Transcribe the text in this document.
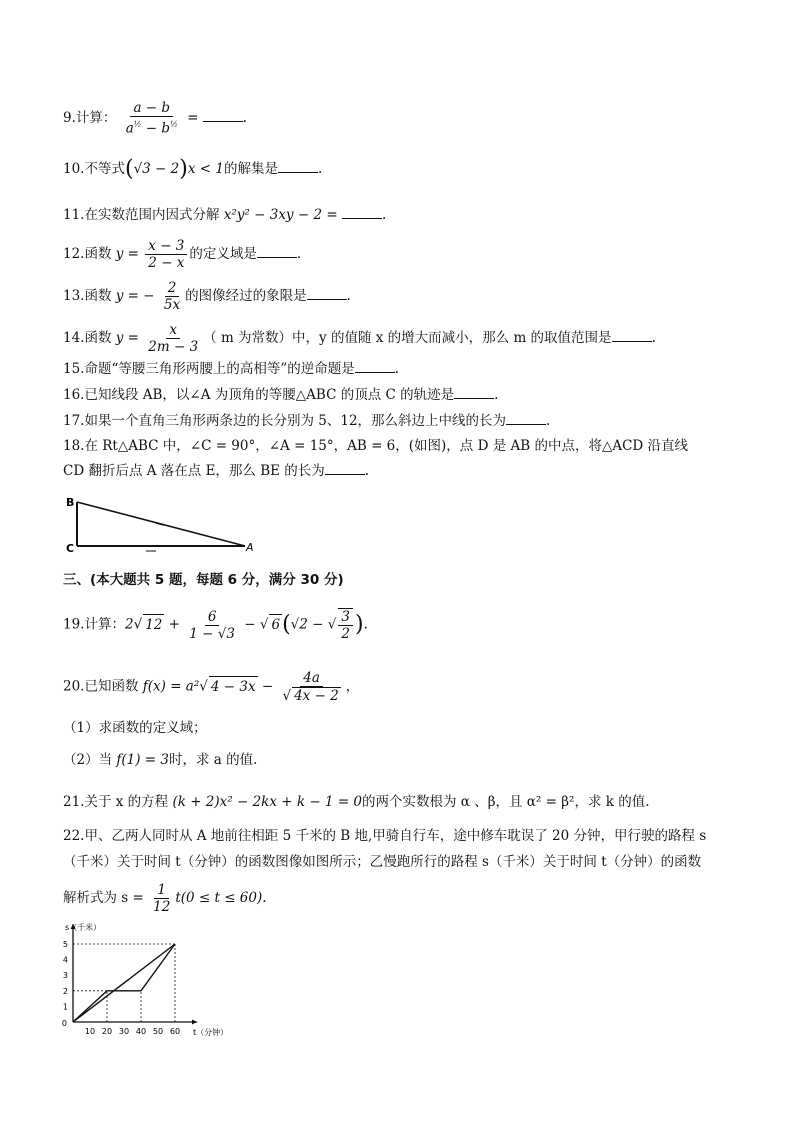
9.计算： $\frac{a - b}{a^{\frac{1}{2}} - b^{\frac{1}{2}}}$ =	.
10.不等式(√3 − 2)x < 1的解集是	.
11.在实数范围内因式分解 x²y² − 3xy − 2 =	.
12.函数 $y = \frac{x - 3}{2 - x}$ 的定义域是	.
13.函数 y = − $\frac{2}{5x}$ 的图像经过的象限是	.
14.函数 $y = \frac{x}{2m - 3}$ （ m 为常数）中，y 的值随 x 的增大而减小，那么 m 的取值范围是	.
15.命题“等腰三角形两腰上的高相等”的逆命题是	.
16.已知线段 AB，以∠A 为顶角的等腰△ABC 的顶点 C 的轨迹是	.
17.如果一个直角三角形两条边的长分别为 5、12，那么斜边上中线的长为	.
18.在 Rt△ABC 中，∠C = 90°，∠A = 15°，AB = 6，(如图)，点 D 是 AB 的中点，将△ACD 沿直线
CD 翻折后点 A 落在点 E，那么 BE 的长为	.
B
C	A
三、(本大题共 5 题，每题 6 分，满分 30 分)
19.计算：2√ $12 + \frac{6}{1 - √3}$ − √ 6(√2 − √ $\frac{3}{2}$ ).
20.已知函数 f(x) = a²√ $4 - 3x - \frac{4a}{√ 4x - 2}$ ，
（1）求函数的定义域；
（2）当 f(1) = 3时，求 a 的值.
21.关于 x 的方程 (k + 2)x² − 2kx + k − 1 = 0的两个实数根为 α 、β，且 α² = β²，求 k 的值.
22.甲、乙两人同时从 A 地前往相距 5 千米的 B 地,甲骑自行车，途中修车耽误了 20 分钟，甲行驶的路程 s
（千米）关于时间 t（分钟）的函数图像如图所示；乙慢跑所行的路程 s（千米）关于时间 t（分钟）的函数
解析式为 $s = \frac{1}{12} t(0 \le t \le 60)$.
10 20 30 40 50 60
1
2
3
4
5
0
s（千米）
t（分钟）
